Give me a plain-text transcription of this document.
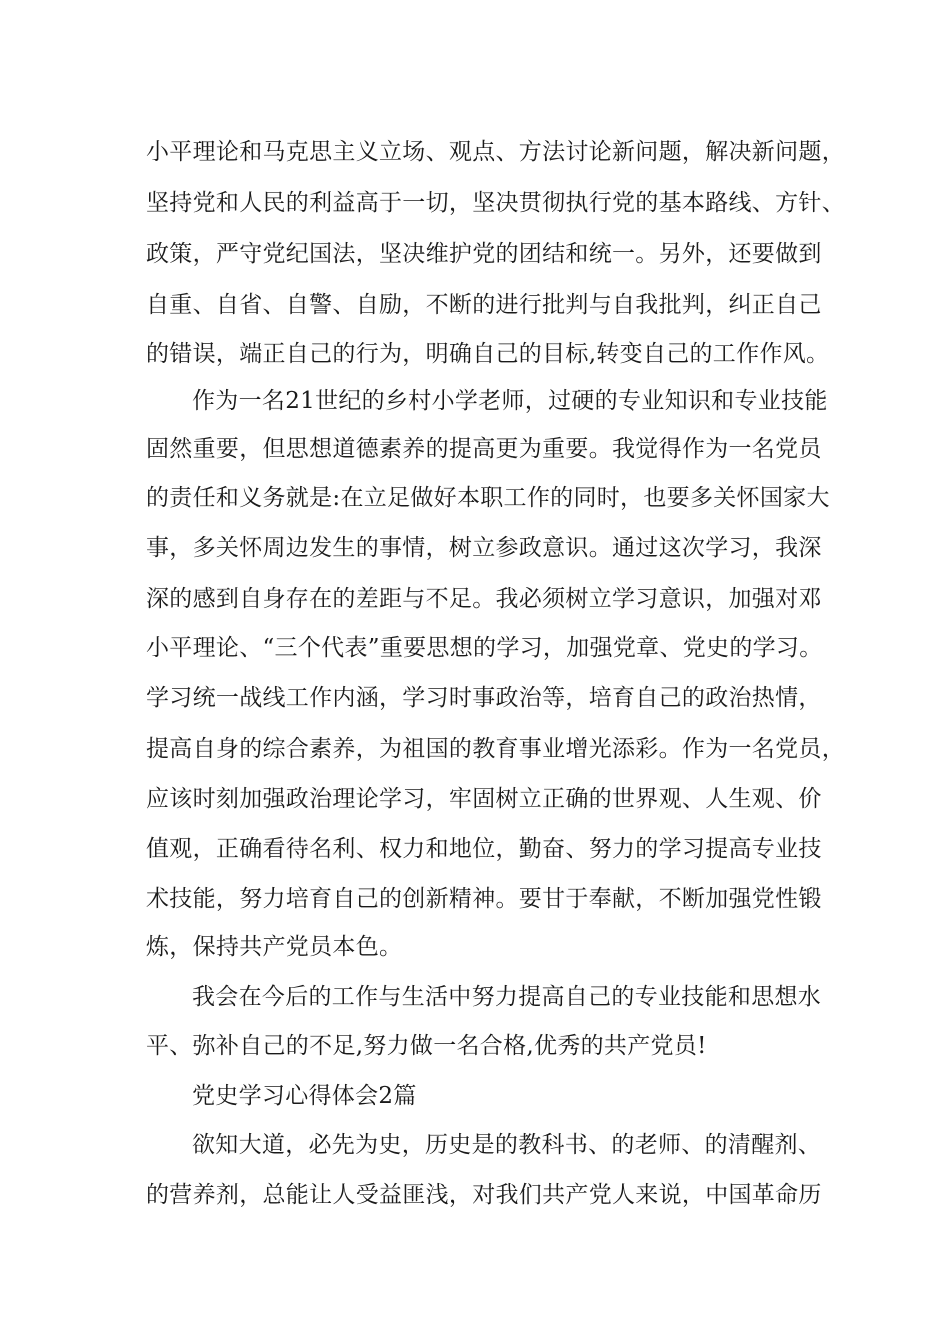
小平理论和马克思主义立场、观点、方法讨论新问题，解决新问题，
坚持党和人民的利益高于一切，坚决贯彻执行党的基本路线、方针、
政策，严守党纪国法，坚决维护党的团结和统一。另外，还要做到
自重、自省、自警、自励，不断的进行批判与自我批判，纠正自己
的错误，端正自己的行为，明确自己的目标,转变自己的工作作风。
作为一名21世纪的乡村小学老师，过硬的专业知识和专业技能
固然重要，但思想道德素养的提高更为重要。我觉得作为一名党员
的责任和义务就是:在立足做好本职工作的同时，也要多关怀国家大
事，多关怀周边发生的事情，树立参政意识。通过这次学习，我深
深的感到自身存在的差距与不足。我必须树立学习意识，加强对邓
小平理论、“三个代表”重要思想的学习，加强党章、党史的学习。
学习统一战线工作内涵，学习时事政治等，培育自己的政治热情，
提高自身的综合素养，为祖国的教育事业增光添彩。作为一名党员，
应该时刻加强政治理论学习，牢固树立正确的世界观、人生观、价
值观，正确看待名利、权力和地位，勤奋、努力的学习提高专业技
术技能，努力培育自己的创新精神。要甘于奉献，不断加强党性锻
炼，保持共产党员本色。
我会在今后的工作与生活中努力提高自己的专业技能和思想水
平、弥补自己的不足,努力做一名合格,优秀的共产党员!
党史学习心得体会2篇
欲知大道，必先为史，历史是的教科书、的老师、的清醒剂、
的营养剂，总能让人受益匪浅，对我们共产党人来说，中国革命历
